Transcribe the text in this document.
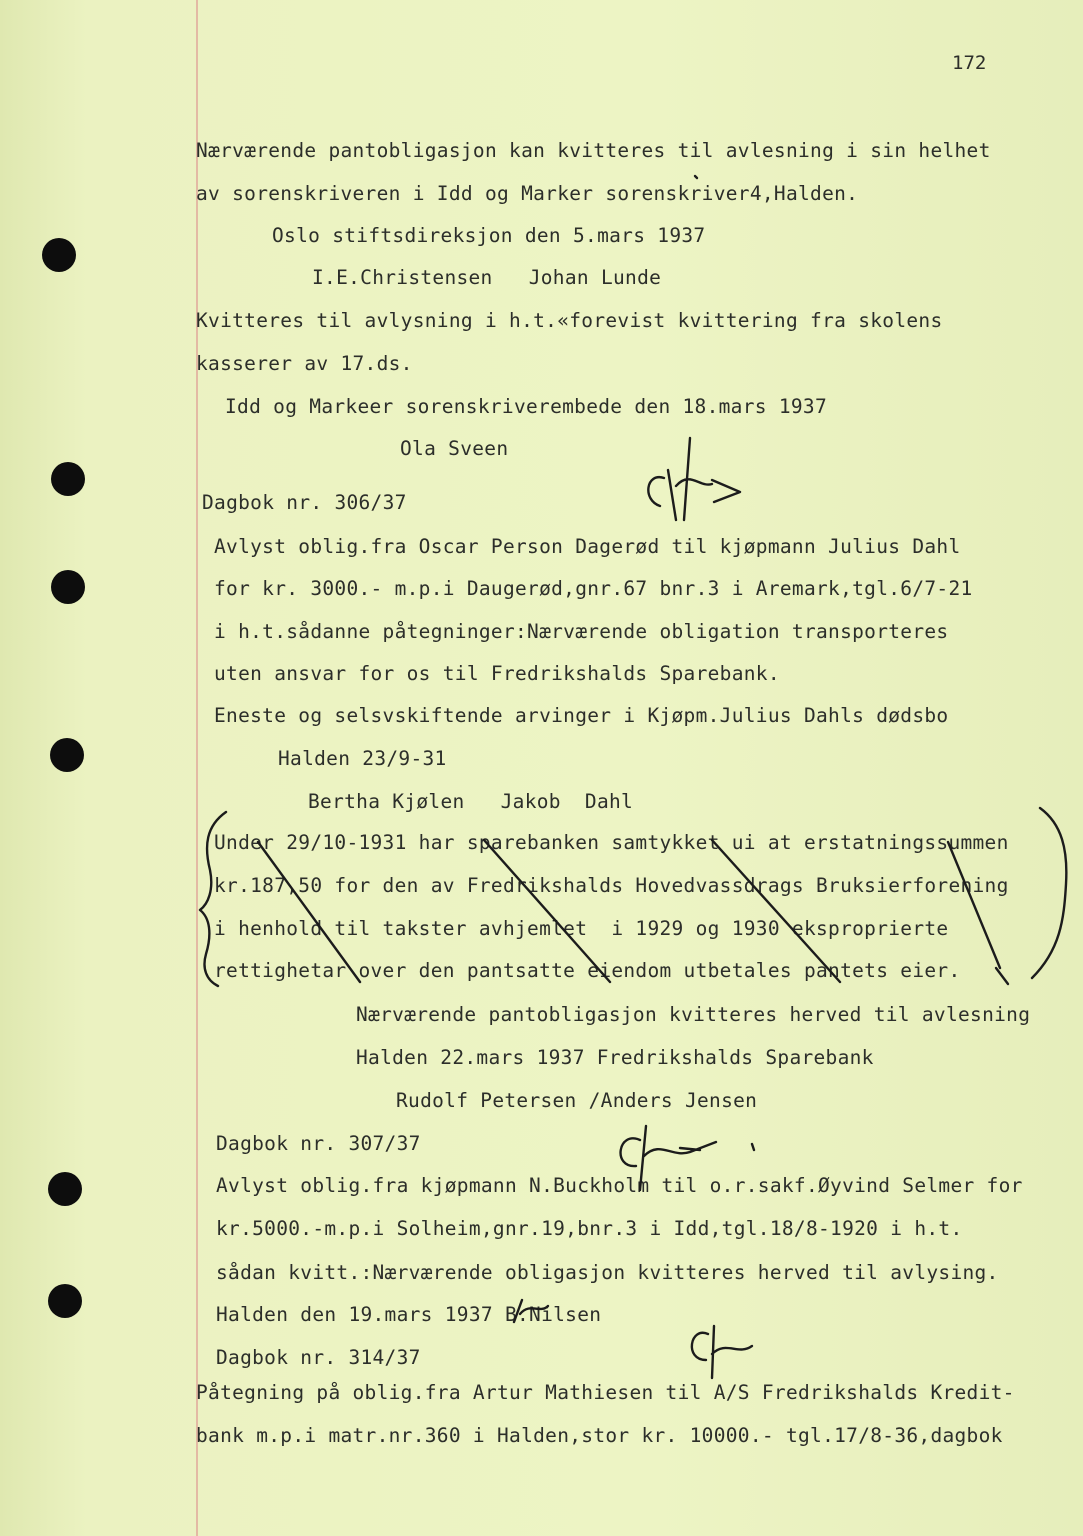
172
Nærværende pantobligasjon kan kvitteres til avlesning i sin helhet
av sorenskriveren i Idd og Marker sorenskriver4,Halden.
Oslo stiftsdireksjon den 5.mars 1937
I.E.Christensen   Johan Lunde
Kvitteres til avlysning i h.t.«forevist kvittering fra skolens
kasserer av 17.ds.
Idd og Markeer sorenskriverembede den 18.mars 1937
Ola Sveen
Dagbok nr. 306/37
Avlyst oblig.fra Oscar Person Dagerød til kjøpmann Julius Dahl
for kr. 3000.- m.p.i Daugerød,gnr.67 bnr.3 i Aremark,tgl.6/7-21
i h.t.sådanne påtegninger:Nærværende obligation transporteres
uten ansvar for os til Fredrikshalds Sparebank.
Eneste og selsvskiftende arvinger i Kjøpm.Julius Dahls dødsbo
Halden 23/9-31
Bertha Kjølen   Jakob  Dahl
Under 29/10-1931 har sparebanken samtykket ui at erstatningssummen
kr.187,50 for den av Fredrikshalds Hovedvassdrags Bruksierforening
i henhold til takster avhjemlet  i 1929 og 1930 eksproprierte
rettighetar over den pantsatte eiendom utbetales pantets eier.
Nærværende pantobligasjon kvitteres herved til avlesning
Halden 22.mars 1937 Fredrikshalds Sparebank
Rudolf Petersen /Anders Jensen
Dagbok nr. 307/37
Avlyst oblig.fra kjøpmann N.Buckholm til o.r.sakf.Øyvind Selmer for
kr.5000.-m.p.i Solheim,gnr.19,bnr.3 i Idd,tgl.18/8-1920 i h.t.
sådan kvitt.:Nærværende obligasjon kvitteres herved til avlysing.
Halden den 19.mars 1937 B.Nilsen
Dagbok nr. 314/37
Påtegning på oblig.fra Artur Mathiesen til A/S Fredrikshalds Kredit-
bank m.p.i matr.nr.360 i Halden,stor kr. 10000.- tgl.17/8-36,dagbok
